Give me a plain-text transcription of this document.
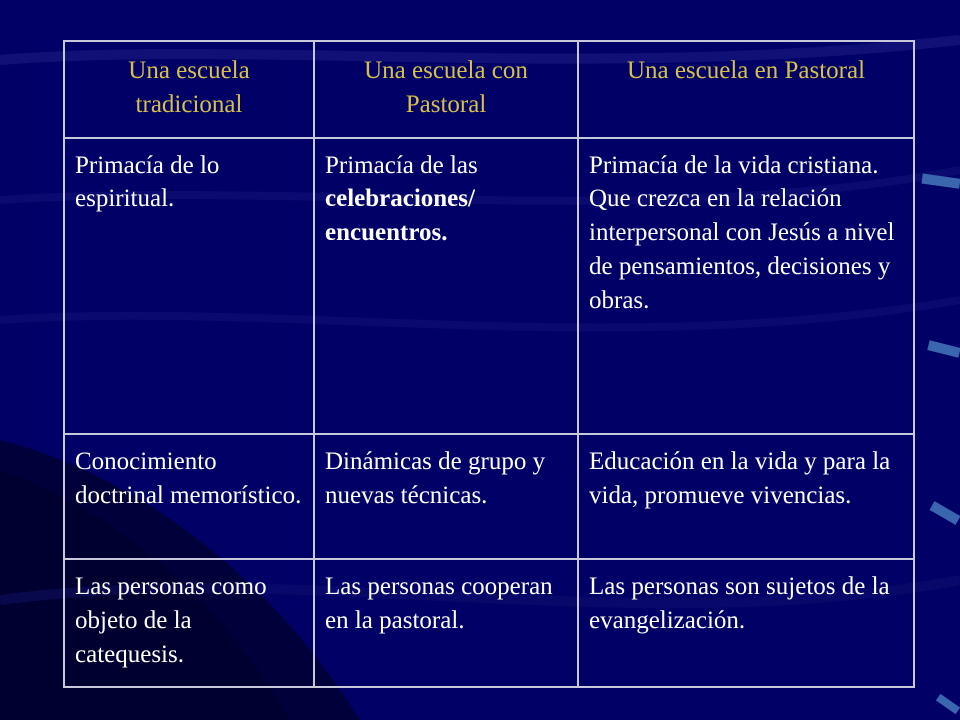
Una escuela tradicional	Una escuela con Pastoral	Una escuela en Pastoral
Primacía de lo espiritual.	Primacía de las celebraciones/ encuentros.	Primacía de la vida cristiana. Que crezca en la relación interpersonal con Jesús a nivel de pensamientos, decisiones y obras.
Conocimiento doctrinal memorístico.	Dinámicas de grupo y nuevas técnicas.	Educación en la vida y para la vida, promueve vivencias.
Las personas como objeto de la catequesis.	Las personas cooperan en la pastoral.	Las personas son sujetos de la evangelización.
